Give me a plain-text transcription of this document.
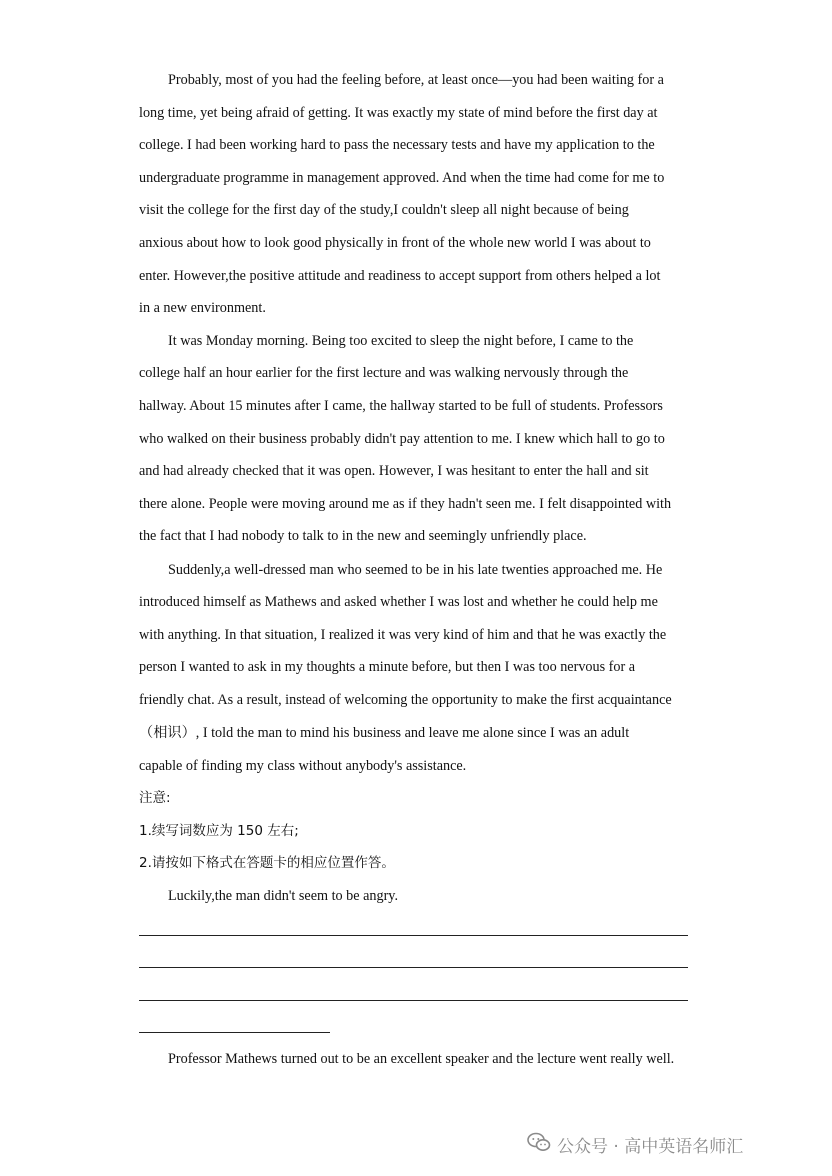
Probably, most of you had the feeling before, at least once—you had been waiting for a
long time, yet being afraid of getting. It was exactly my state of mind before the first day at
college. I had been working hard to pass the necessary tests and have my application to the
undergraduate programme in management approved. And when the time had come for me to
visit the college for the first day of the study,I couldn't sleep all night because of being
anxious about how to look good physically in front of the whole new world I was about to
enter. However,the positive attitude and readiness to accept support from others helped a lot
in a new environment.
It was Monday morning. Being too excited to sleep the night before, I came to the
college half an hour earlier for the first lecture and was walking nervously through the
hallway. About 15 minutes after I came, the hallway started to be full of students. Professors
who walked on their business probably didn't pay attention to me. I knew which hall to go to
and had already checked that it was open. However, I was hesitant to enter the hall and sit
there alone. People were moving around me as if they hadn't seen me. I felt disappointed with
the fact that I had nobody to talk to in the new and seemingly unfriendly place.
Suddenly,a well-dressed man who seemed to be in his late twenties approached me. He
introduced himself as Mathews and asked whether I was lost and whether he could help me
with anything. In that situation, I realized it was very kind of him and that he was exactly the
person I wanted to ask in my thoughts a minute before, but then I was too nervous for a
friendly chat. As a result, instead of welcoming the opportunity to make the first acquaintance
（相识）, I told the man to mind his business and leave me alone since I was an adult
capable of finding my class without anybody's assistance.
注意:
1.续写词数应为 150 左右;
2.请按如下格式在答题卡的相应位置作答。
Luckily,the man didn't seem to be angry.
Professor Mathews turned out to be an excellent speaker and the lecture went really well.
公众号 · 高中英语名师汇
